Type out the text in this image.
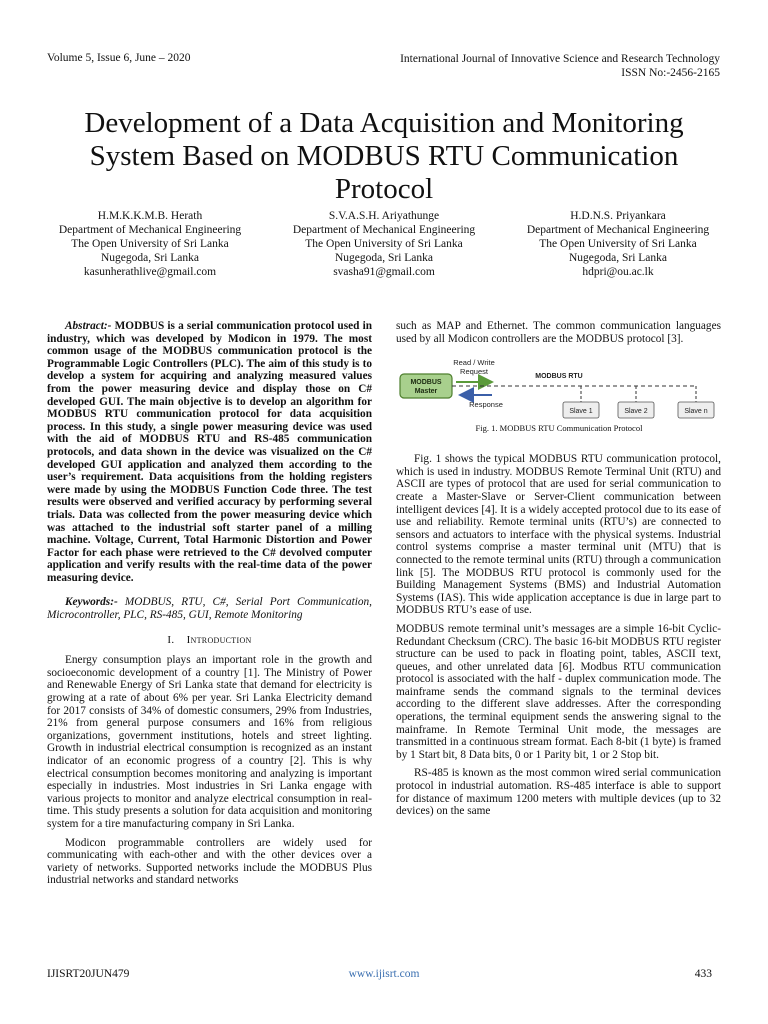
Volume 5, Issue 6, June – 2020	International Journal of Innovative Science and Research Technology
ISSN No:-2456-2165
Development of a Data Acquisition and Monitoring System Based on MODBUS RTU Communication Protocol
H.M.K.K.M.B. Herath
Department of Mechanical Engineering
The Open University of Sri Lanka
Nugegoda, Sri Lanka
kasunherathlive@gmail.com
S.V.A.S.H. Ariyathunge
Department of Mechanical Engineering
The Open University of Sri Lanka
Nugegoda, Sri Lanka
svasha91@gmail.com
H.D.N.S. Priyankara
Department of Mechanical Engineering
The Open University of Sri Lanka
Nugegoda, Sri Lanka
hdpri@ou.ac.lk

Abstract:- MODBUS is a serial communication protocol used in industry, which was developed by Modicon in 1979. The most common usage of the MODBUS communication protocol is the Programmable Logic Controllers (PLC). The aim of this study is to develop a system for acquiring and analyzing measured values from the power measuring device and display those on C# developed GUI. The main objective is to develop an algorithm for MODBUS RTU communication protocol for data acquisition process. In this study, a single power measuring device was used with the aid of MODBUS RTU and RS-485 communication protocols, and data shown in the device was visualized on the C# developed GUI application and analyzed them according to the user’s requirement. Data acquisitions from the holding registers were made by using the MODBUS Function Code three. The test results were observed and verified accuracy by performing several trials. Data was collected from the power measuring device which was attached to the industrial soft starter panel of a milling machine. Voltage, Current, Total Harmonic Distortion and Power Factor for each phase were retrieved to the C# devolved computer application and verify results with the real-time data of the power measuring device.

Keywords:- MODBUS, RTU, C#, Serial Port Communication, Microcontroller, PLC, RS-485, GUI, Remote Monitoring

I. Introduction

Energy consumption plays an important role in the growth and socioeconomic development of a country [1]. The Ministry of Power and Renewable Energy of Sri Lanka state that demand for electricity is growing at a rate of about 6% per year. Sri Lanka Electricity demand for 2017 consists of 34% of domestic consumers, 29% from Industries, 21% from general purpose consumers and 16% from religious organizations, government institutions, hotels and street lighting. Growth in industrial electrical consumption is recognized as an instant indicator of an economic progress of a country [2]. This is why electrical consumption becomes monitoring and analyzing is important especially in industries. Most industries in Sri Lanka engage with various projects to monitor and analyze electrical consumption in real-time. This study presents a solution for data acquisition and monitoring system for a tire manufacturing company in Sri Lanka.

Modicon programmable controllers are widely used for communicating with each-other and with the other devices over a variety of networks. Supported networks include the MODBUS Plus industrial networks and standard networks

such as MAP and Ethernet. The common communication languages used by all Modicon controllers are the MODBUS protocol [3].

Read / Write
Request
MODBUS
Master
MODBUS RTU
Response
Slave 1	Slave 2	Slave n
Fig. 1. MODBUS RTU Communication Protocol

Fig. 1 shows the typical MODBUS RTU communication protocol, which is used in industry. MODBUS Remote Terminal Unit (RTU) and ASCII are types of protocol that are used for serial communication to create a Master-Slave or Server-Client communication between intelligent devices [4]. It is a widely accepted protocol due to its ease of use and reliability. Remote terminal units (RTU’s) are connected to sensors and actuators to interface with the physical systems. Industrial control systems comprise a master terminal unit (MTU) that is connected to the remote terminal units (RTU) through a communication link [5]. The MODBUS RTU protocol is commonly used for the Building Management Systems (BMS) and Industrial Automation Systems (IAS). This wide application acceptance is due in large part to MODBUS RTU’s ease of use.

MODBUS remote terminal unit’s messages are a simple 16-bit Cyclic-Redundant Checksum (CRC). The basic 16-bit MODBUS RTU register structure can be used to pack in floating point, tables, ASCII text, queues, and other unrelated data [6]. Modbus RTU communication protocol is associated with the half - duplex communication mode. The mainframe sends the command signals to the terminal devices according to the different slave addresses. After the corresponding operations, the terminal equipment sends the answering signal to the mainframe. In Remote Terminal Unit mode, the messages are transmitted in a continuous stream format. Each 8-bit (1 byte) is framed by 1 Start bit, 8 Data bits, 0 or 1 Parity bit, 1 or 2 Stop bit.

RS-485 is known as the most common wired serial communication protocol in industrial automation. RS-485 interface is able to support for distance of maximum 1200 meters with multiple devices (up to 32 devices) on the same

IJISRT20JUN479	www.ijisrt.com	433
